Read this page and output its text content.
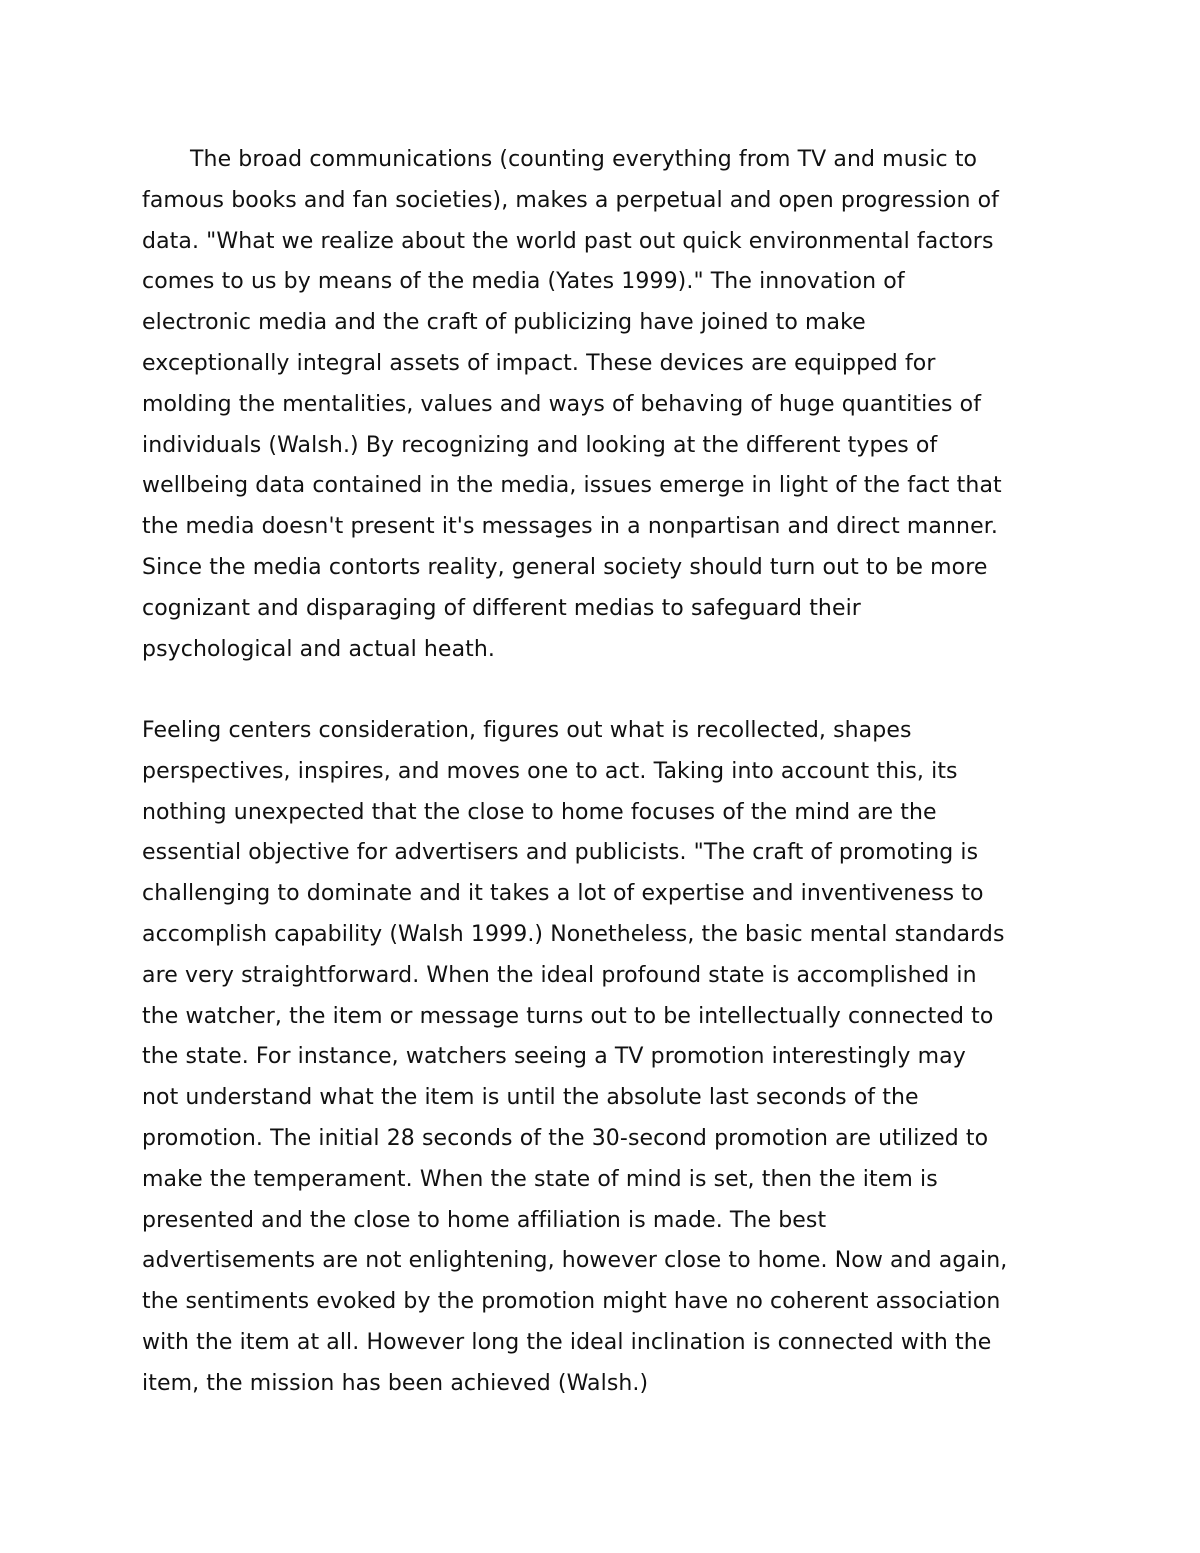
The broad communications (counting everything from TV and music to
famous books and fan societies), makes a perpetual and open progression of
data. "What we realize about the world past out quick environmental factors
comes to us by means of the media (Yates 1999)." The innovation of
electronic media and the craft of publicizing have joined to make
exceptionally integral assets of impact. These devices are equipped for
molding the mentalities, values and ways of behaving of huge quantities of
individuals (Walsh.) By recognizing and looking at the different types of
wellbeing data contained in the media, issues emerge in light of the fact that
the media doesn't present it's messages in a nonpartisan and direct manner.
Since the media contorts reality, general society should turn out to be more
cognizant and disparaging of different medias to safeguard their
psychological and actual heath.
Feeling centers consideration, figures out what is recollected, shapes
perspectives, inspires, and moves one to act. Taking into account this, its
nothing unexpected that the close to home focuses of the mind are the
essential objective for advertisers and publicists. "The craft of promoting is
challenging to dominate and it takes a lot of expertise and inventiveness to
accomplish capability (Walsh 1999.) Nonetheless, the basic mental standards
are very straightforward. When the ideal profound state is accomplished in
the watcher, the item or message turns out to be intellectually connected to
the state. For instance, watchers seeing a TV promotion interestingly may
not understand what the item is until the absolute last seconds of the
promotion. The initial 28 seconds of the 30-second promotion are utilized to
make the temperament. When the state of mind is set, then the item is
presented and the close to home affiliation is made. The best
advertisements are not enlightening, however close to home. Now and again,
the sentiments evoked by the promotion might have no coherent association
with the item at all. However long the ideal inclination is connected with the
item, the mission has been achieved (Walsh.)
